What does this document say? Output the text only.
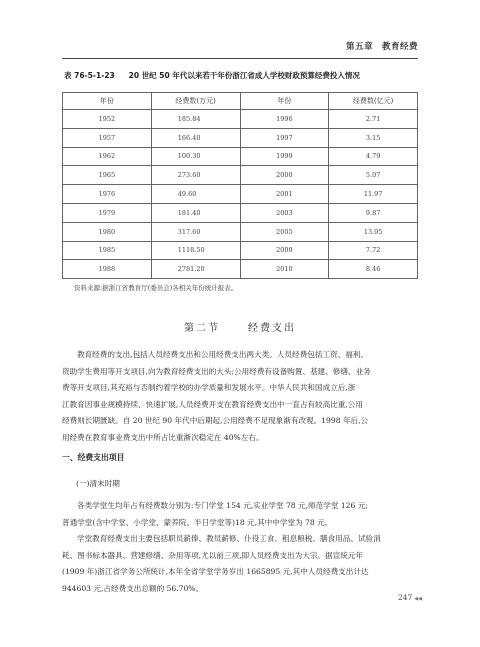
第五章　教育经费
表 76-5-1-23 20 世纪 50 年代以来若干年份浙江省成人学校财政预算经费投入情况
年份	经费数(万元)	年份	经费数(亿元)
1952	185.84	1996	2.71
1957	166.40	1997	3.15
1962	100.30	1999	4.79
1965	273.60	2000	5.07
1976	49.60	2001	11.97
1979	181.40	2003	9.87
1980	317.60	2005	13.95
1985	1118.50	2009	7.72
1988	2781.20	2010	8.46
资料来源:据浙江省教育厅(委员会)各相关年份统计报表。
第二节	经费支出
教育经费的支出,包括人员经费支出和公用经费支出两大类。人员经费包括工资、福利、
资助学生费用等开支项目,向为教育经费支出的大头;公用经费有设备购置、基建、修缮、业务
费等开支项目,其充裕与否制约着学校的办学质量和发展水平。中华人民共和国成立后,浙
江教育因事业规模持续、快速扩展,人员经费开支在教育经费支出中一直占有较高比重,公用
经费则长期匮缺。自 20 世纪 90 年代中后期起,公用经费不足现象渐有改观。1998 年后,公
用经费在教育事业费支出中所占比重渐次稳定在 40%左右。
一、经费支出项目
(一)清末时期
各类学堂生均年占有经费数分别为:专门学堂 154 元,实业学堂 78 元,师范学堂 126 元;
普通学堂(含中学堂、小学堂、蒙养院、半日学堂等)18 元,其中中学堂为 78 元。
学堂教育经费支出主要包括职员薪俸、教员薪修、仆役工食、租息粮税、膳食用品、试验消
耗、图书标本器具、营建修缮、杂用等项,尤以前三项,即人员经费支出为大宗。据宣统元年
(1909 年)浙江省学务公所统计,本年全省学堂学务岁出 1665895 元,其中人员经费支出计达
944603 元,占经费支出总额的 56.70%。
247 ◀◀
